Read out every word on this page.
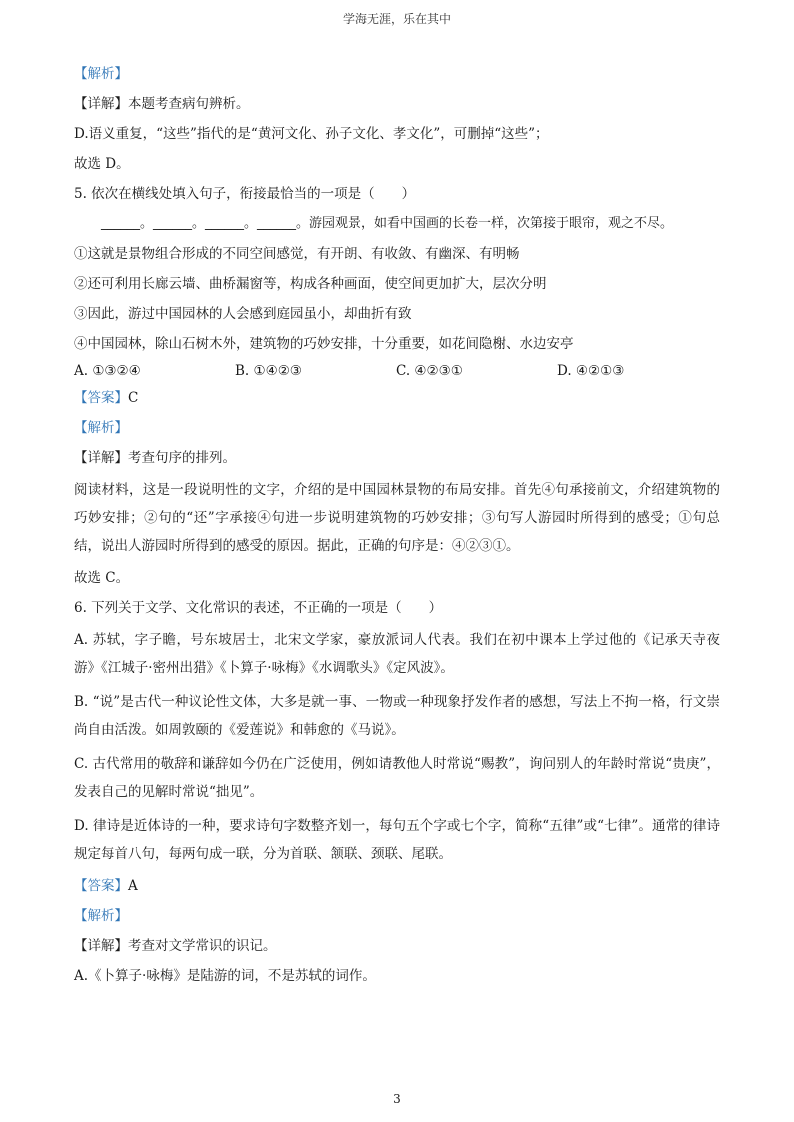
学海无涯，乐在其中
【解析】
【详解】本题考查病句辨析。
D.语义重复，“这些”指代的是“黄河文化、孙子文化、孝文化”，可删掉“这些”；
故选 D。
5. 依次在横线处填入句子，衔接最恰当的一项是（　　）
______。______。______。______。游园观景，如看中国画的长卷一样，次第接于眼帘，观之不尽。
①这就是景物组合形成的不同空间感觉，有开朗、有收敛、有幽深、有明畅
②还可利用长廊云墙、曲桥漏窗等，构成各种画面，使空间更加扩大，层次分明
③因此，游过中国园林的人会感到庭园虽小，却曲折有致
④中国园林，除山石树木外，建筑物的巧妙安排，十分重要，如花间隐榭、水边安亭
A. ①③②④	B. ①④②③	C. ④②③①	D. ④②①③
【答案】C
【解析】
【详解】考查句序的排列。
阅读材料，这是一段说明性的文字，介绍的是中国园林景物的布局安排。首先④句承接前文，介绍建筑物的巧妙安排；②句的“还”字承接④句进一步说明建筑物的巧妙安排；③句写人游园时所得到的感受；①句总结，说出人游园时所得到的感受的原因。据此，正确的句序是：④②③①。
故选 C。
6. 下列关于文学、文化常识的表述，不正确的一项是（　　）
A. 苏轼，字子瞻，号东坡居士，北宋文学家，豪放派词人代表。我们在初中课本上学过他的《记承天寺夜游》《江城子·密州出猎》《卜算子·咏梅》《水调歌头》《定风波》。
B. “说”是古代一种议论性文体，大多是就一事、一物或一种现象抒发作者的感想，写法上不拘一格，行文崇尚自由活泼。如周敦颐的《爱莲说》和韩愈的《马说》。
C. 古代常用的敬辞和谦辞如今仍在广泛使用，例如请教他人时常说“赐教”，询问别人的年龄时常说“贵庚”，发表自己的见解时常说“拙见”。
D. 律诗是近体诗的一种，要求诗句字数整齐划一，每句五个字或七个字，简称“五律”或“七律”。通常的律诗规定每首八句，每两句成一联，分为首联、颔联、颈联、尾联。
【答案】A
【解析】
【详解】考查对文学常识的识记。
A.《卜算子·咏梅》是陆游的词，不是苏轼的词作。
3
